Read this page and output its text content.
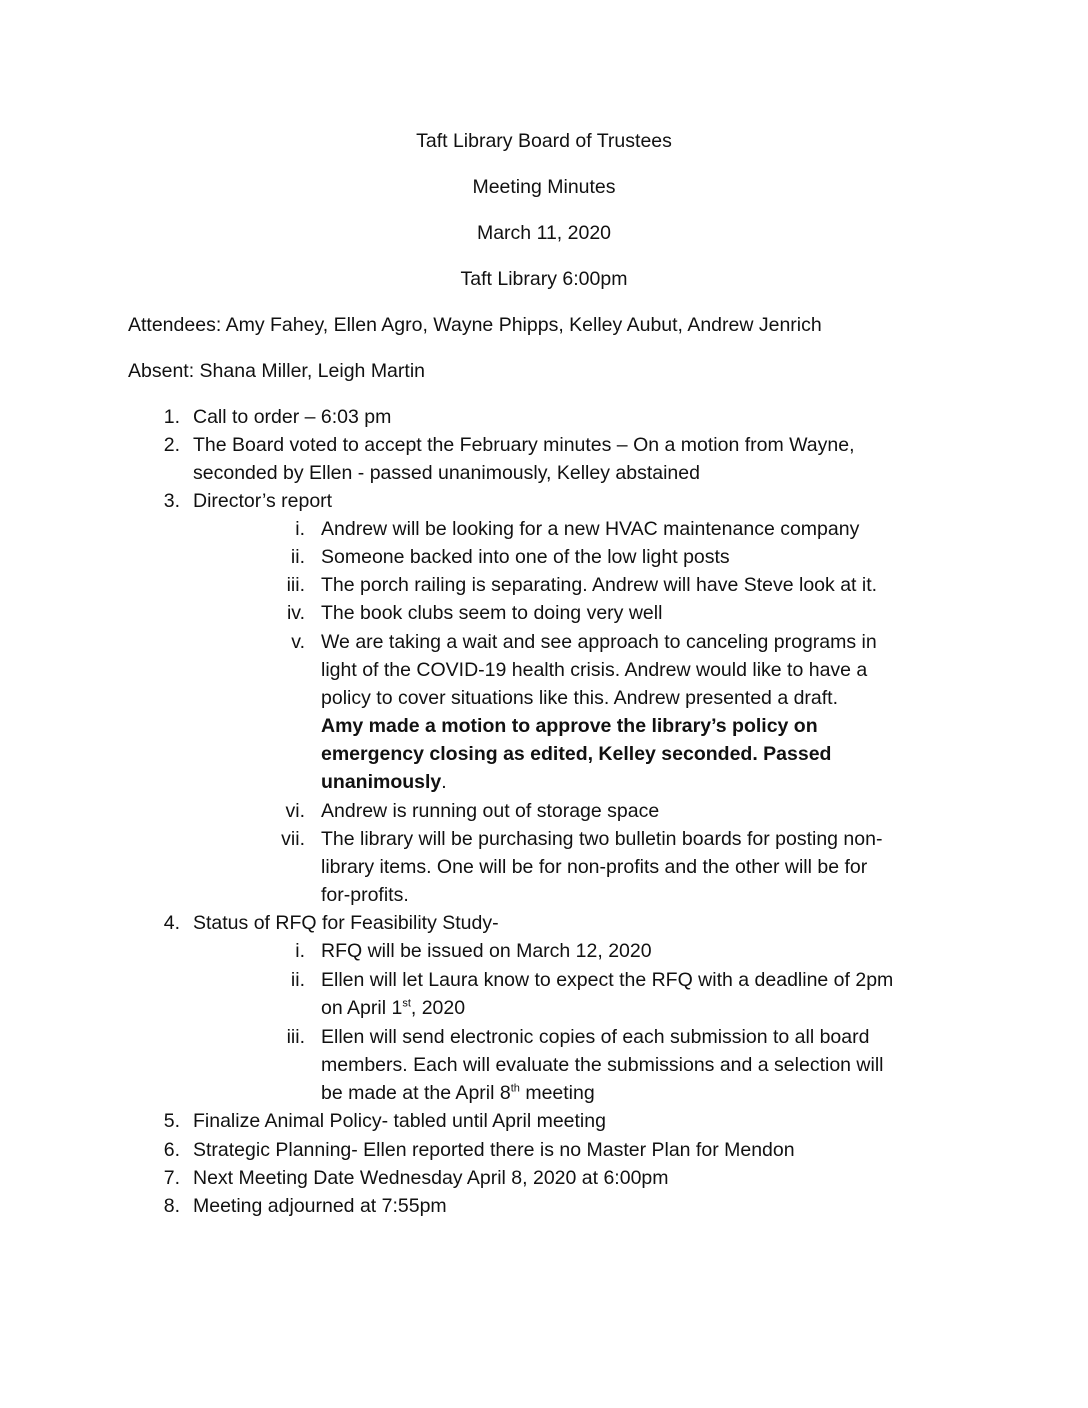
Taft Library Board of Trustees
Meeting Minutes
March 11, 2020
Taft Library 6:00pm
Attendees: Amy Fahey, Ellen Agro, Wayne Phipps, Kelley Aubut, Andrew Jenrich
Absent: Shana Miller, Leigh Martin
1. Call to order – 6:03 pm
2. The Board voted to accept the February minutes – On a motion from Wayne,
seconded by Ellen - passed unanimously, Kelley abstained
3. Director’s report
i. Andrew will be looking for a new HVAC maintenance company
ii. Someone backed into one of the low light posts
iii. The porch railing is separating. Andrew will have Steve look at it.
iv. The book clubs seem to doing very well
v. We are taking a wait and see approach to canceling programs in
light of the COVID-19 health crisis. Andrew would like to have a
policy to cover situations like this. Andrew presented a draft.
Amy made a motion to approve the library’s policy on
emergency closing as edited, Kelley seconded. Passed
unanimously.
vi. Andrew is running out of storage space
vii. The library will be purchasing two bulletin boards for posting non-
library items. One will be for non-profits and the other will be for
for-profits.
4. Status of RFQ for Feasibility Study-
i. RFQ will be issued on March 12, 2020
ii. Ellen will let Laura know to expect the RFQ with a deadline of 2pm
on April 1st, 2020
iii. Ellen will send electronic copies of each submission to all board
members. Each will evaluate the submissions and a selection will
be made at the April 8th meeting
5. Finalize Animal Policy- tabled until April meeting
6. Strategic Planning- Ellen reported there is no Master Plan for Mendon
7. Next Meeting Date Wednesday April 8, 2020 at 6:00pm
8. Meeting adjourned at 7:55pm
